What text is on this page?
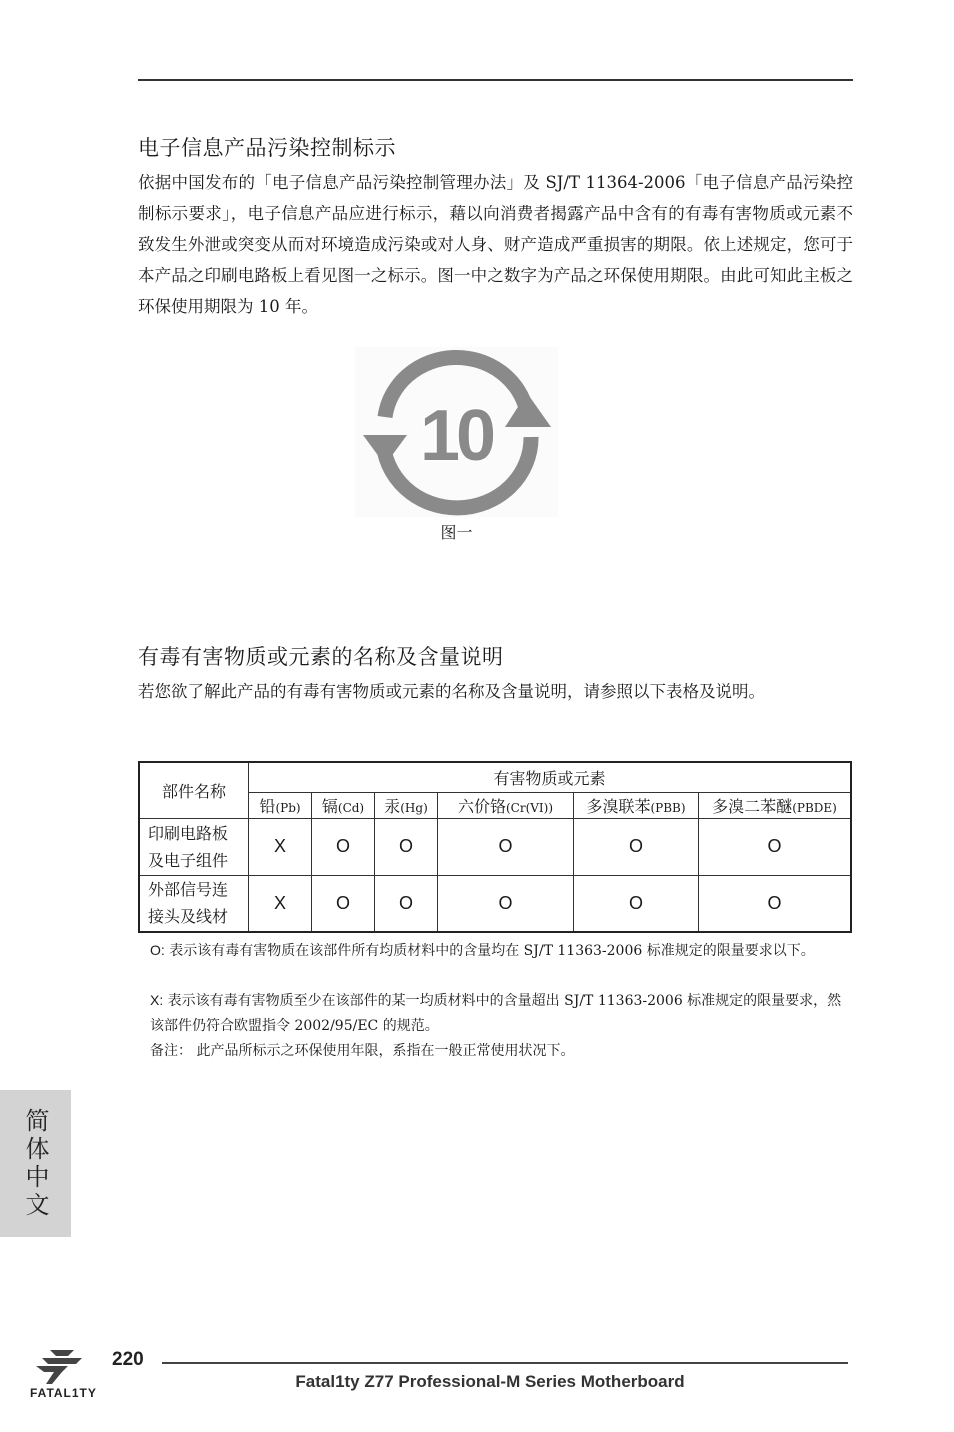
电子信息产品污染控制标示
依据中国发布的「电子信息产品污染控制管理办法」及 SJ/T 11364-2006「电子信息产品污染控制标示要求」，电子信息产品应进行标示，藉以向消费者揭露产品中含有的有毒有害物质或元素不致发生外泄或突变从而对环境造成污染或对人身、财产造成严重损害的期限。依上述规定，您可于本产品之印刷电路板上看见图一之标示。图一中之数字为产品之环保使用期限。由此可知此主板之环保使用期限为 10 年。
10
图一
有毒有害物质或元素的名称及含量说明
若您欲了解此产品的有毒有害物质或元素的名称及含量说明，请参照以下表格及说明。
部件名称	有害物质或元素					
	铅(Pb)	镉(Cd)	汞(Hg)	六价铬(Cr(VI))	多溴联苯(PBB)	多溴二苯醚(PBDE)
印刷电路板
及电子组件	X	O	O	O	O	O
外部信号连
接头及线材	X	O	O	O	O	O
O: 表示该有毒有害物质在该部件所有均质材料中的含量均在 SJ/T 11363-2006 标准规定的限量要求以下。
X: 表示该有毒有害物质至少在该部件的某一均质材料中的含量超出 SJ/T 11363-2006 标准规定的限量要求，然该部件仍符合欧盟指令 2002/95/EC 的规范。
备注： 此产品所标示之环保使用年限，系指在一般正常使用状况下。
简体中文
FATAL1TY
220
Fatal1ty Z77 Professional-M Series Motherboard
